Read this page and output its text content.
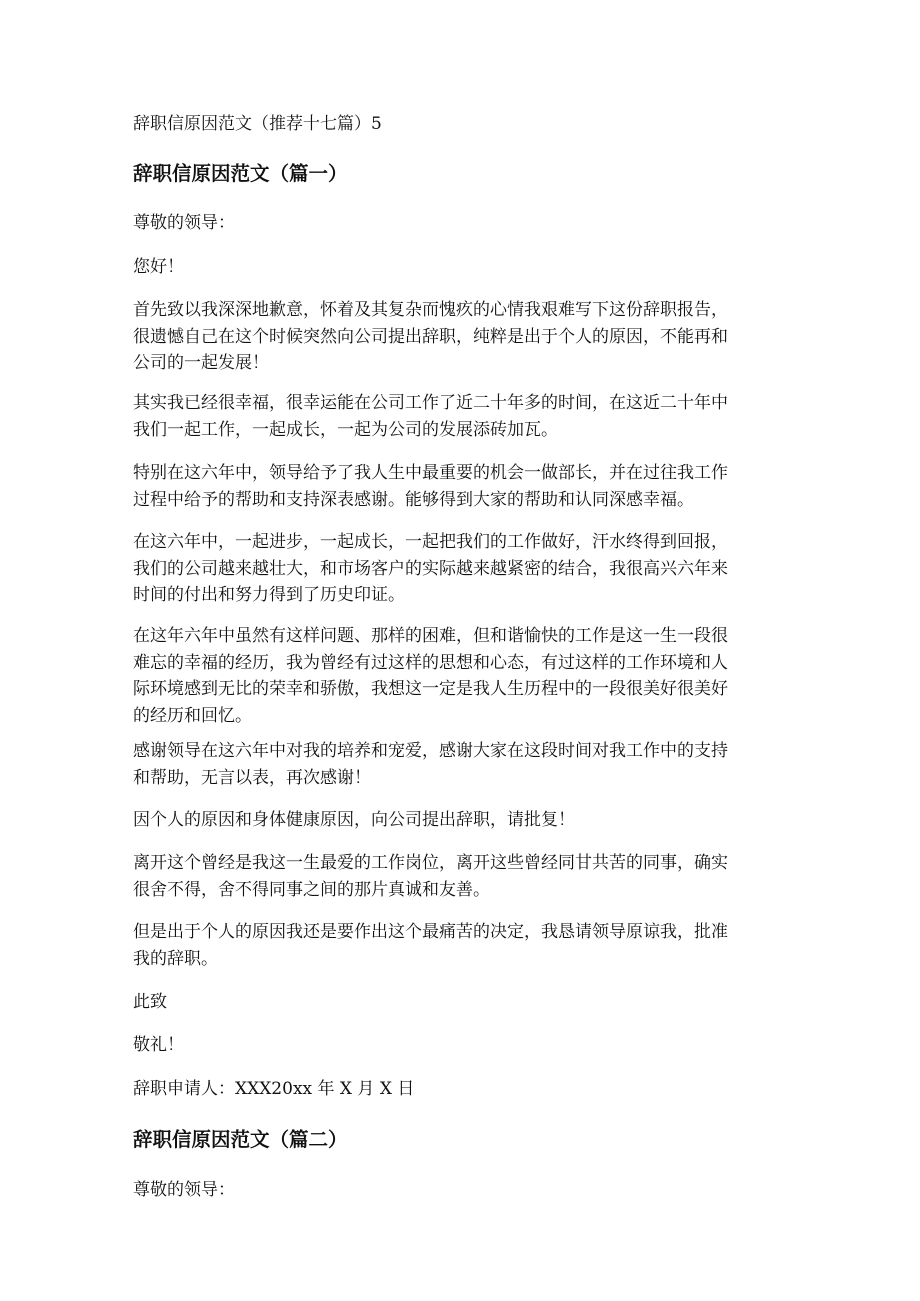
辞职信原因范文（推荐十七篇）5
辞职信原因范文（篇一）

尊敬的领导：

您好！

首先致以我深深地歉意，怀着及其复杂而愧疚的心情我艰难写下这份辞职报告，
很遗憾自己在这个时候突然向公司提出辞职，纯粹是出于个人的原因，不能再和
公司的一起发展！

其实我已经很幸福，很幸运能在公司工作了近二十年多的时间，在这近二十年中
我们一起工作，一起成长，一起为公司的发展添砖加瓦。

特别在这六年中，领导给予了我人生中最重要的机会一做部长，并在过往我工作
过程中给予的帮助和支持深表感谢。能够得到大家的帮助和认同深感幸福。

在这六年中，一起进步，一起成长，一起把我们的工作做好，汗水终得到回报，
我们的公司越来越壮大，和市场客户的实际越来越紧密的结合，我很高兴六年来
时间的付出和努力得到了历史印证。

在这年六年中虽然有这样问题、那样的困难，但和谐愉快的工作是这一生一段很
难忘的幸福的经历，我为曾经有过这样的思想和心态，有过这样的工作环境和人
际环境感到无比的荣幸和骄傲，我想这一定是我人生历程中的一段很美好很美好
的经历和回忆。

感谢领导在这六年中对我的培养和宠爱，感谢大家在这段时间对我工作中的支持
和帮助，无言以表，再次感谢！

因个人的原因和身体健康原因，向公司提出辞职，请批复！

离开这个曾经是我这一生最爱的工作岗位，离开这些曾经同甘共苦的同事，确实
很舍不得，舍不得同事之间的那片真诚和友善。

但是出于个人的原因我还是要作出这个最痛苦的决定，我恳请领导原谅我，批准
我的辞职。

此致

敬礼！

辞职申请人：XXX20xx 年 X 月 X 日

辞职信原因范文（篇二）

尊敬的领导：
